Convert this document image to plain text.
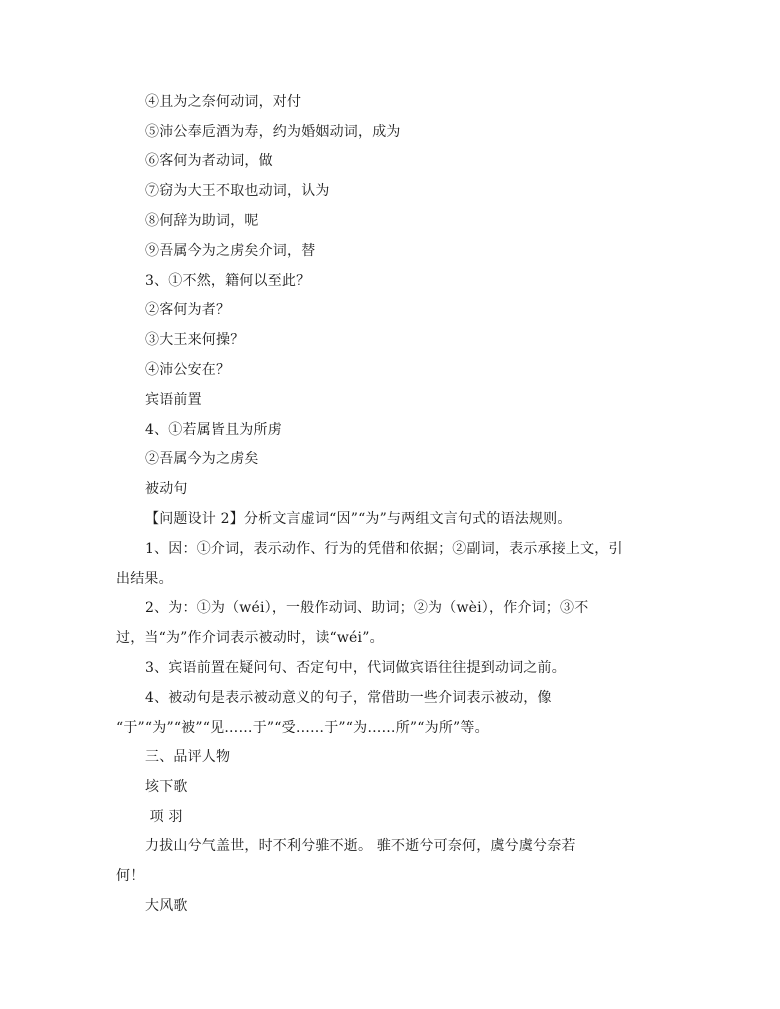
④且为之奈何动词，对付
⑤沛公奉卮酒为寿，约为婚姻动词，成为
⑥客何为者动词，做
⑦窃为大王不取也动词，认为
⑧何辞为助词，呢
⑨吾属今为之虏矣介词，替
3、①不然，籍何以至此？
②客何为者？
③大王来何操？
④沛公安在？
宾语前置
4、①若属皆且为所虏
②吾属今为之虏矣
被动句
【问题设计 2】分析文言虚词“因”“为”与两组文言句式的语法规则。
1、因：①介词，表示动作、行为的凭借和依据；②副词，表示承接上文，引
出结果。
2、为：①为（wéi），一般作动词、助词；②为（wèi），作介词；③不
过，当“为”作介词表示被动时，读“wéi”。
3、宾语前置在疑问句、否定句中，代词做宾语往往提到动词之前。
4、被动句是表示被动意义的句子，常借助一些介词表示被动，像
“于”“为”“被”“见……于”“受……于”“为……所”“为所”等。
三、品评人物
垓下歌
项 羽
力拔山兮气盖世，时不利兮骓不逝。 骓不逝兮可奈何，虞兮虞兮奈若
何！
大风歌
